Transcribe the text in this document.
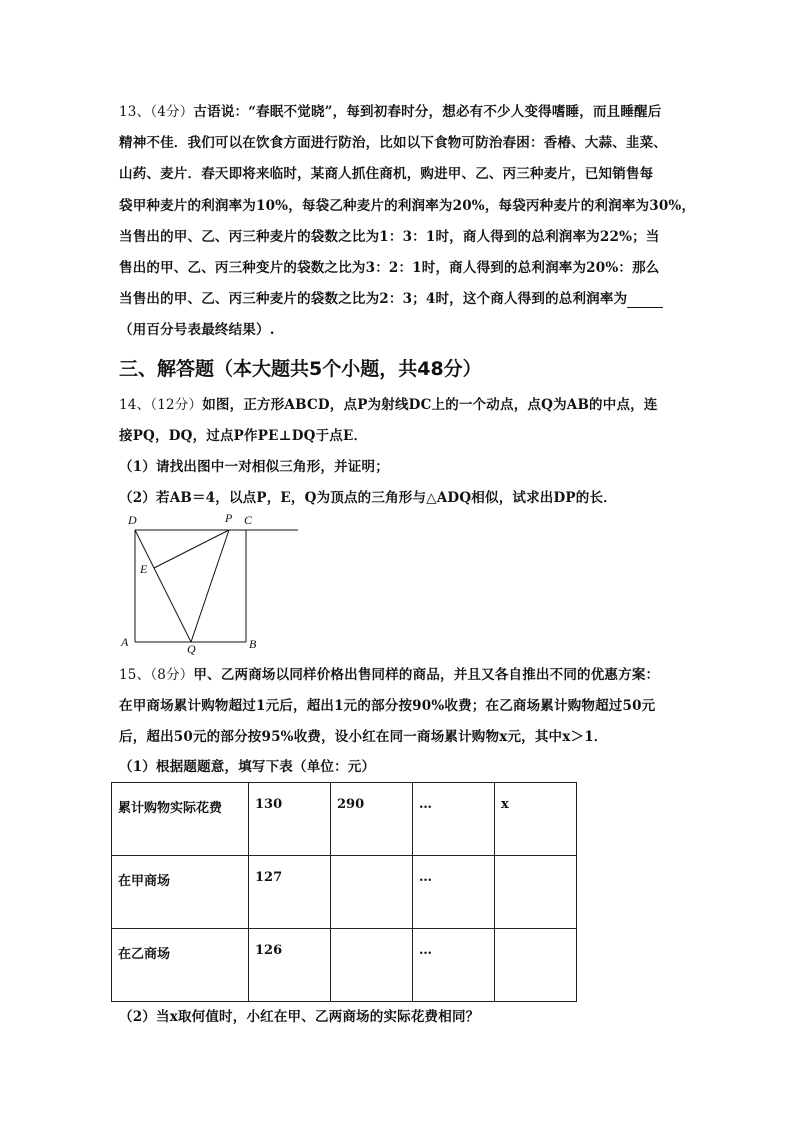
13、（4分）古语说：“春眠不觉晓”，每到初春时分，想必有不少人变得嗜睡，而且睡醒后
精神不佳．我们可以在饮食方面进行防治，比如以下食物可防治春困：香椿、大蒜、韭菜、
山药、麦片．春天即将来临时，某商人抓住商机，购进甲、乙、丙三种麦片，已知销售每
袋甲种麦片的利润率为10%，每袋乙种麦片的利润率为20%，每袋丙种麦片的利润率为30%，
当售出的甲、乙、丙三种麦片的袋数之比为1：3：1时，商人得到的总利润率为22%；当
售出的甲、乙、丙三种变片的袋数之比为3：2：1时，商人得到的总利润率为20%：那么
当售出的甲、乙、丙三种麦片的袋数之比为2：3；4时，这个商人得到的总利润率为
（用百分号表最终结果）.
三、解答题（本大题共5个小题，共48分）
14、（12分）如图，正方形ABCD，点P为射线DC上的一个动点，点Q为AB的中点，连
接PQ，DQ，过点P作PE⊥DQ于点E．
（1）请找出图中一对相似三角形，并证明；
（2）若AB＝4，以点P，E，Q为顶点的三角形与△ADQ相似，试求出DP的长．
D	P C
E
A	Q	B
15、（8分）甲、乙两商场以同样价格出售同样的商品，并且又各自推出不同的优惠方案：
在甲商场累计购物超过1元后，超出1元的部分按90%收费；在乙商场累计购物超过50元
后，超出50元的部分按95%收费，设小红在同一商场累计购物x元，其中x＞1．
（1）根据题题意，填写下表（单位：元）
累计购物实际花费	130	290	…	x
在甲商场	127		…	
在乙商场	126		…	
（2）当x取何值时，小红在甲、乙两商场的实际花费相同？
